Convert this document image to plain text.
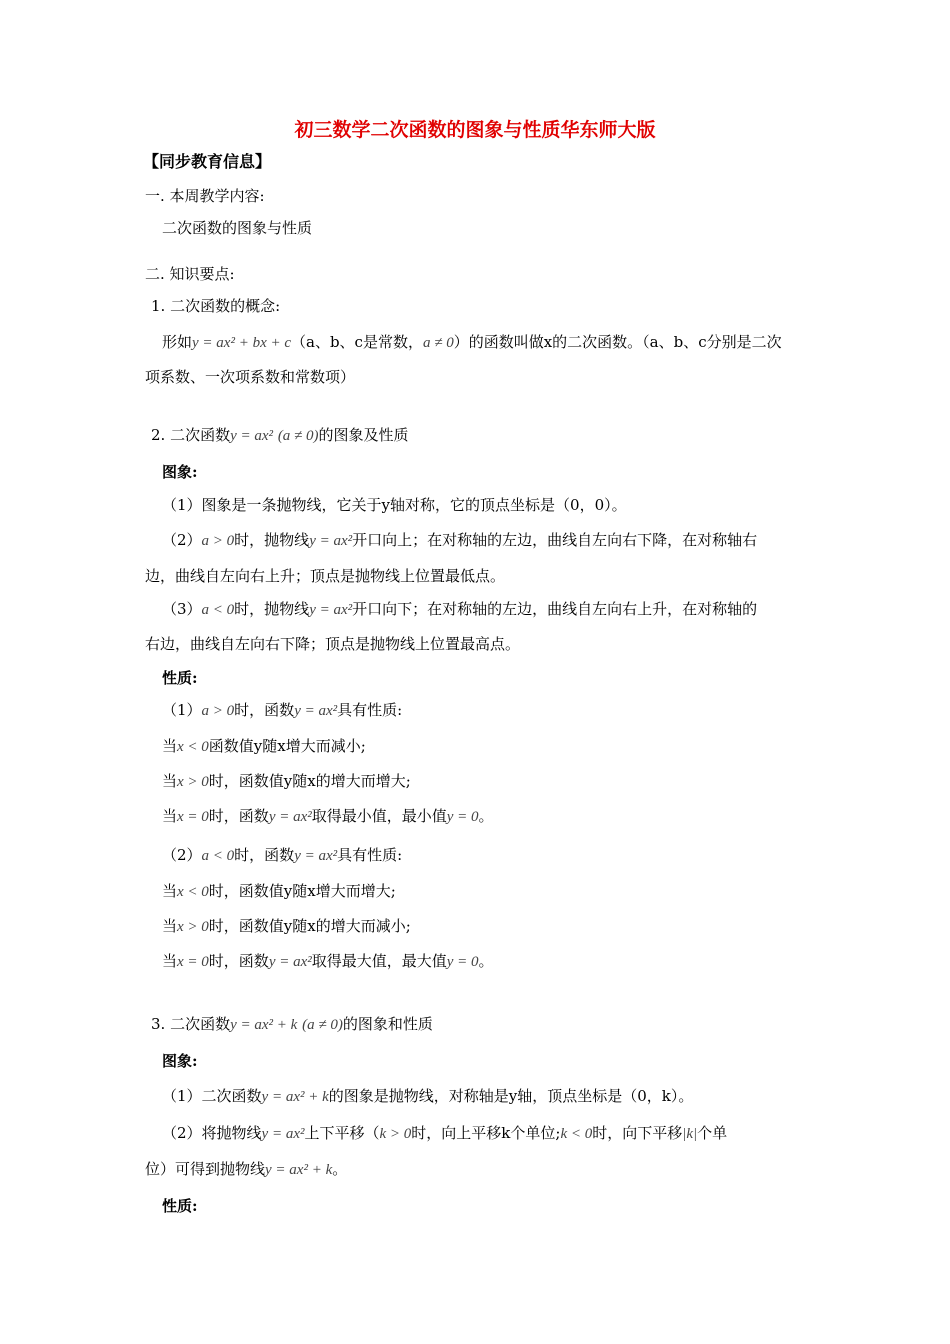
初三数学二次函数的图象与性质华东师大版
【同步教育信息】
一. 本周教学内容:
二次函数的图象与性质
二. 知识要点:
1. 二次函数的概念:
形如y = ax² + bx + c（a、b、c是常数，a ≠ 0）的函数叫做x的二次函数。（a、b、c分别是二次
项系数、一次项系数和常数项）
2. 二次函数y = ax² (a ≠ 0)的图象及性质
图象:
（1）图象是一条抛物线，它关于y轴对称，它的顶点坐标是（0，0）。
（2）a > 0时，抛物线y = ax²开口向上；在对称轴的左边，曲线自左向右下降，在对称轴右
边，曲线自左向右上升；顶点是抛物线上位置最低点。
（3）a < 0时，抛物线y = ax²开口向下；在对称轴的左边，曲线自左向右上升，在对称轴的
右边，曲线自左向右下降；顶点是抛物线上位置最高点。
性质:
（1）a > 0时，函数y = ax²具有性质:
当x < 0函数值y随x增大而减小;
当x > 0时，函数值y随x的增大而增大;
当x = 0时，函数y = ax²取得最小值，最小值y = 0。
（2）a < 0时，函数y = ax²具有性质:
当x < 0时，函数值y随x增大而增大;
当x > 0时，函数值y随x的增大而减小;
当x = 0时，函数y = ax²取得最大值，最大值y = 0。
3. 二次函数y = ax² + k (a ≠ 0)的图象和性质
图象:
（1）二次函数y = ax² + k的图象是抛物线，对称轴是y轴，顶点坐标是（0，k）。
（2）将抛物线y = ax²上下平移（k > 0时，向上平移k个单位;k < 0时，向下平移|k|个单
位）可得到抛物线y = ax² + k。
性质:
